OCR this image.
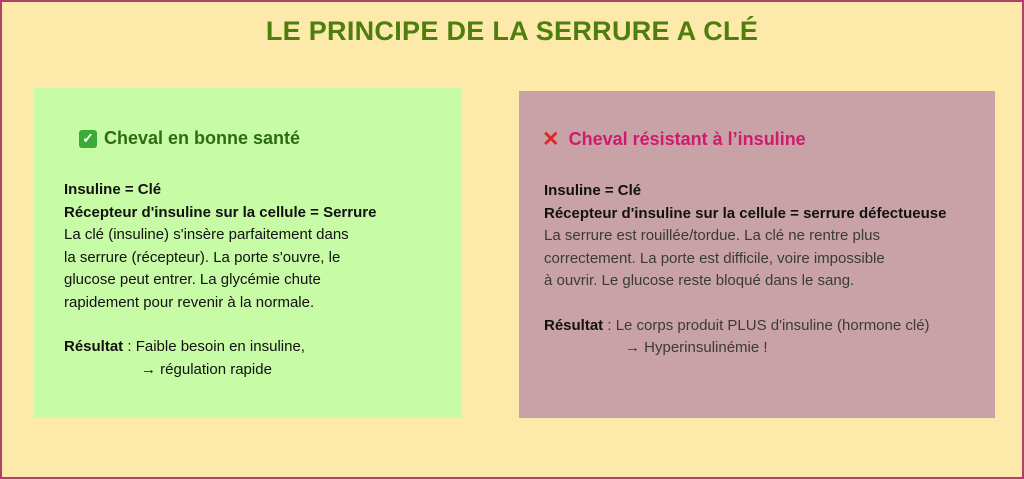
LE PRINCIPE DE LA SERRURE A CLÉ
✓ Cheval en bonne santé
Insuline = Clé
Récepteur d'insuline sur la cellule = Serrure
La clé (insuline) s'insère parfaitement dans
la serrure (récepteur). La porte s'ouvre, le
glucose peut entrer. La glycémie chute
rapidement pour revenir à la normale.
Résultat : Faible besoin en insuline,
→ régulation rapide
✕ Cheval résistant à l’insuline
Insuline = Clé
Récepteur d'insuline sur la cellule = serrure défectueuse
La serrure est rouillée/tordue. La clé ne rentre plus
correctement. La porte est difficile, voire impossible
à ouvrir. Le glucose reste bloqué dans le sang.
Résultat : Le corps produit PLUS d'insuline (hormone clé)
→ Hyperinsulinémie !
